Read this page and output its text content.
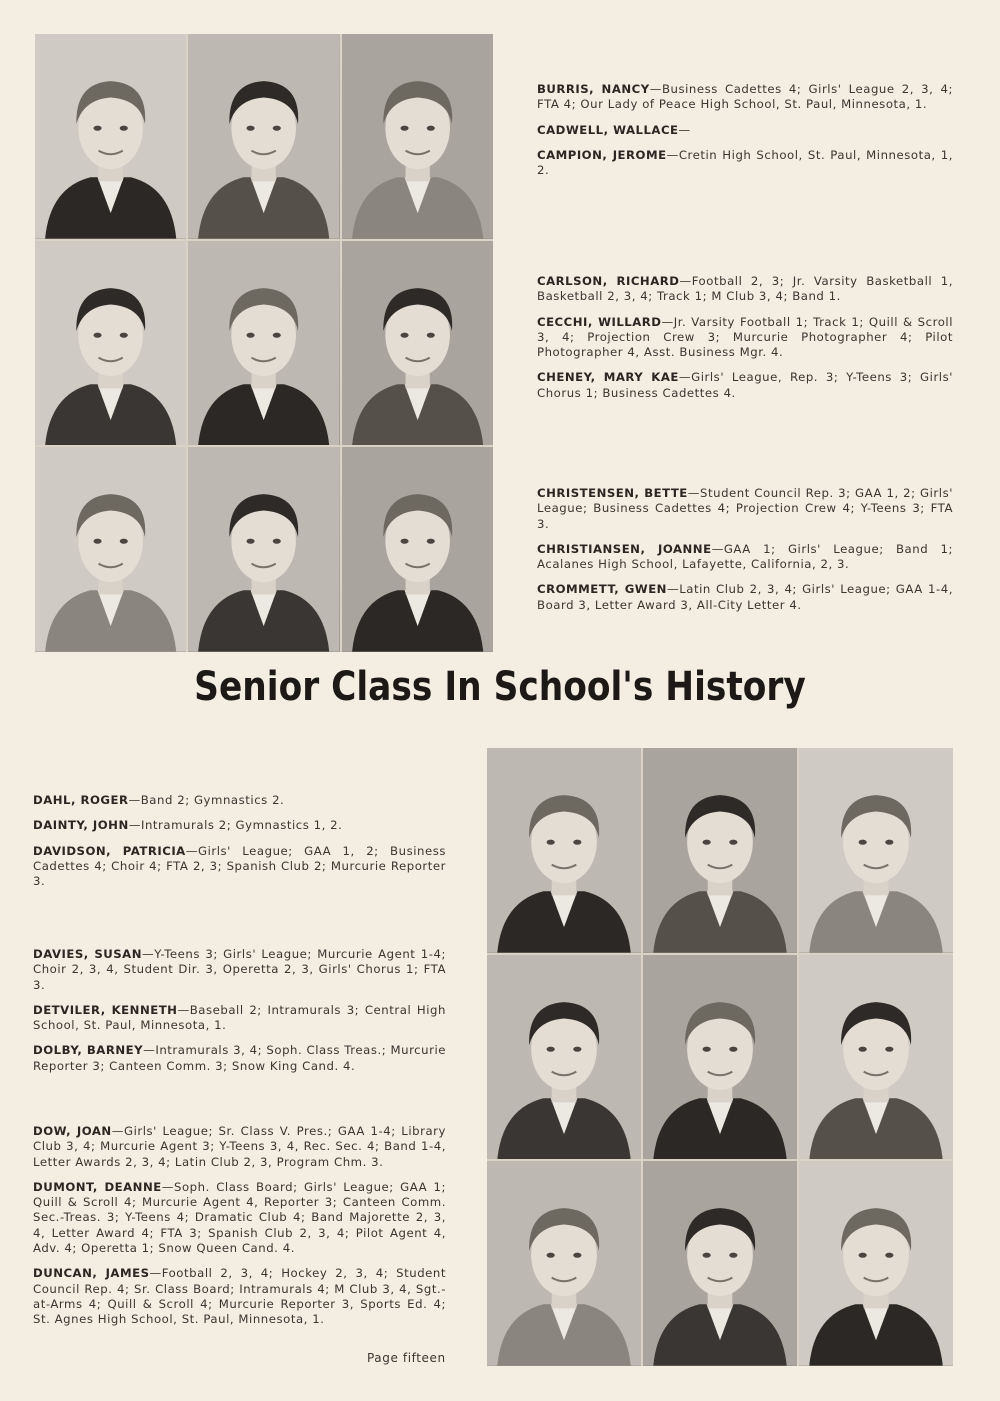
BURRIS, NANCY—Business Cadettes 4; Girls' League 2, 3, 4; FTA 4; Our Lady of Peace High School, St. Paul, Minnesota, 1.

CADWELL, WALLACE—

CAMPION, JEROME—Cretin High School, St. Paul, Minnesota, 1, 2.

CARLSON, RICHARD—Football 2, 3; Jr. Varsity Basketball 1, Basketball 2, 3, 4; Track 1; M Club 3, 4; Band 1.

CECCHI, WILLARD—Jr. Varsity Football 1; Track 1; Quill & Scroll 3, 4; Projection Crew 3; Murcurie Photographer 4; Pilot Photographer 4, Asst. Business Mgr. 4.

CHENEY, MARY KAE—Girls' League, Rep. 3; Y-Teens 3; Girls' Chorus 1; Business Cadettes 4.

CHRISTENSEN, BETTE—Student Council Rep. 3; GAA 1, 2; Girls' League; Business Cadettes 4; Projection Crew 4; Y-Teens 3; FTA 3.

CHRISTIANSEN, JOANNE—GAA 1; Girls' League; Band 1; Acalanes High School, Lafayette, California, 2, 3.

CROMMETT, GWEN—Latin Club 2, 3, 4; Girls' League; GAA 1-4, Board 3, Letter Award 3, All-City Letter 4.

Senior Class In School's History

DAHL, ROGER—Band 2; Gymnastics 2.

DAINTY, JOHN—Intramurals 2; Gymnastics 1, 2.

DAVIDSON, PATRICIA—Girls' League; GAA 1, 2; Business Cadettes 4; Choir 4; FTA 2, 3; Spanish Club 2; Murcurie Reporter 3.

DAVIES, SUSAN—Y-Teens 3; Girls' League; Murcurie Agent 1-4; Choir 2, 3, 4, Student Dir. 3, Operetta 2, 3, Girls' Chorus 1; FTA 3.

DETVILER, KENNETH—Baseball 2; Intramurals 3; Central High School, St. Paul, Minnesota, 1.

DOLBY, BARNEY—Intramurals 3, 4; Soph. Class Treas.; Murcurie Reporter 3; Canteen Comm. 3; Snow King Cand. 4.

DOW, JOAN—Girls' League; Sr. Class V. Pres.; GAA 1-4; Library Club 3, 4; Murcurie Agent 3; Y-Teens 3, 4, Rec. Sec. 4; Band 1-4, Letter Awards 2, 3, 4; Latin Club 2, 3, Program Chm. 3.

DUMONT, DEANNE—Soph. Class Board; Girls' League; GAA 1; Quill & Scroll 4; Murcurie Agent 4, Reporter 3; Canteen Comm. Sec.-Treas. 3; Y-Teens 4; Dramatic Club 4; Band Majorette 2, 3, 4, Letter Award 4; FTA 3; Spanish Club 2, 3, 4; Pilot Agent 4, Adv. 4; Operetta 1; Snow Queen Cand. 4.

DUNCAN, JAMES—Football 2, 3, 4; Hockey 2, 3, 4; Student Council Rep. 4; Sr. Class Board; Intramurals 4; M Club 3, 4, Sgt.-at-Arms 4; Quill & Scroll 4; Murcurie Reporter 3, Sports Ed. 4; St. Agnes High School, St. Paul, Minnesota, 1.

Page fifteen
